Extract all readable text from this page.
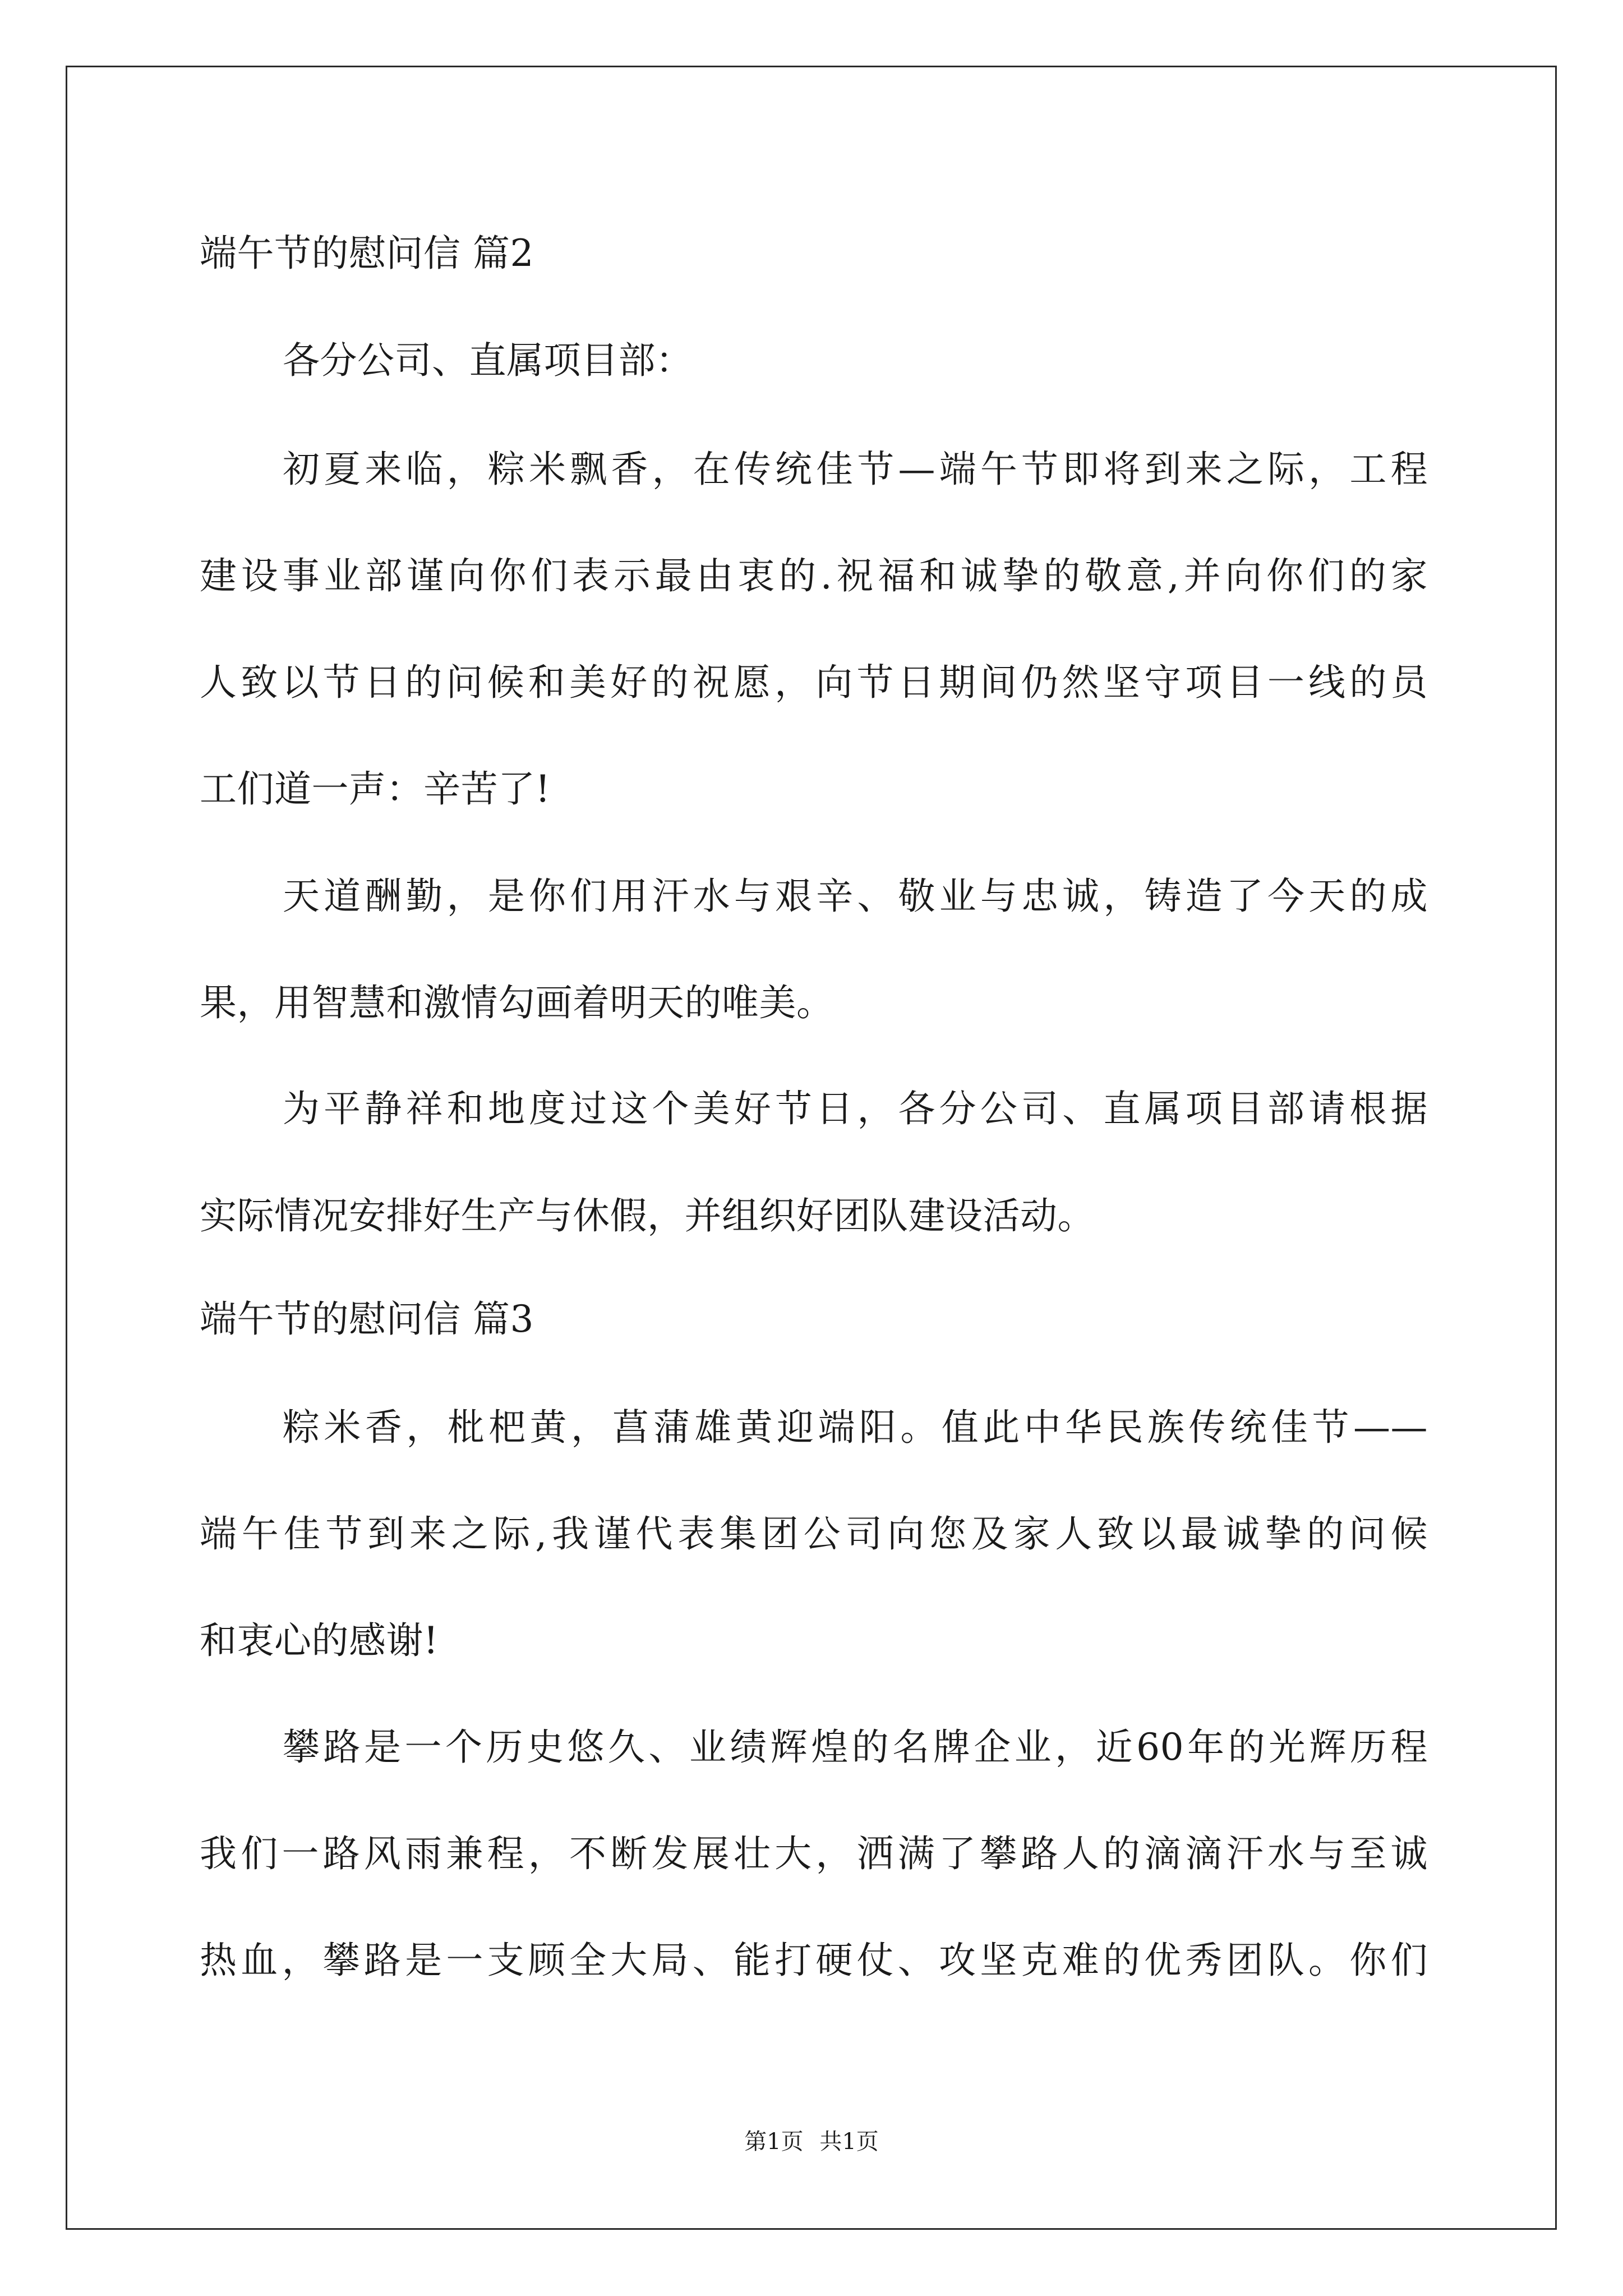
端午节的慰问信 篇2
各分公司、直属项目部：
初夏来临，粽米飘香，在传统佳节—端午节即将到来之际，工程
建设事业部谨向你们表示最由衷的.祝福和诚挚的敬意,并向你们的家
人致以节日的问候和美好的祝愿，向节日期间仍然坚守项目一线的员
工们道一声：辛苦了!
天道酬勤，是你们用汗水与艰辛、敬业与忠诚，铸造了今天的成
果，用智慧和激情勾画着明天的唯美。
为平静祥和地度过这个美好节日，各分公司、直属项目部请根据
实际情况安排好生产与休假，并组织好团队建设活动。
端午节的慰问信 篇3
粽米香，枇杷黄，菖蒲雄黄迎端阳。值此中华民族传统佳节——
端午佳节到来之际,我谨代表集团公司向您及家人致以最诚挚的问候
和衷心的感谢!
攀路是一个历史悠久、业绩辉煌的名牌企业，近60年的光辉历程
我们一路风雨兼程，不断发展壮大，洒满了攀路人的滴滴汗水与至诚
热血，攀路是一支顾全大局、能打硬仗、攻坚克难的优秀团队。你们
第1页 共1页
